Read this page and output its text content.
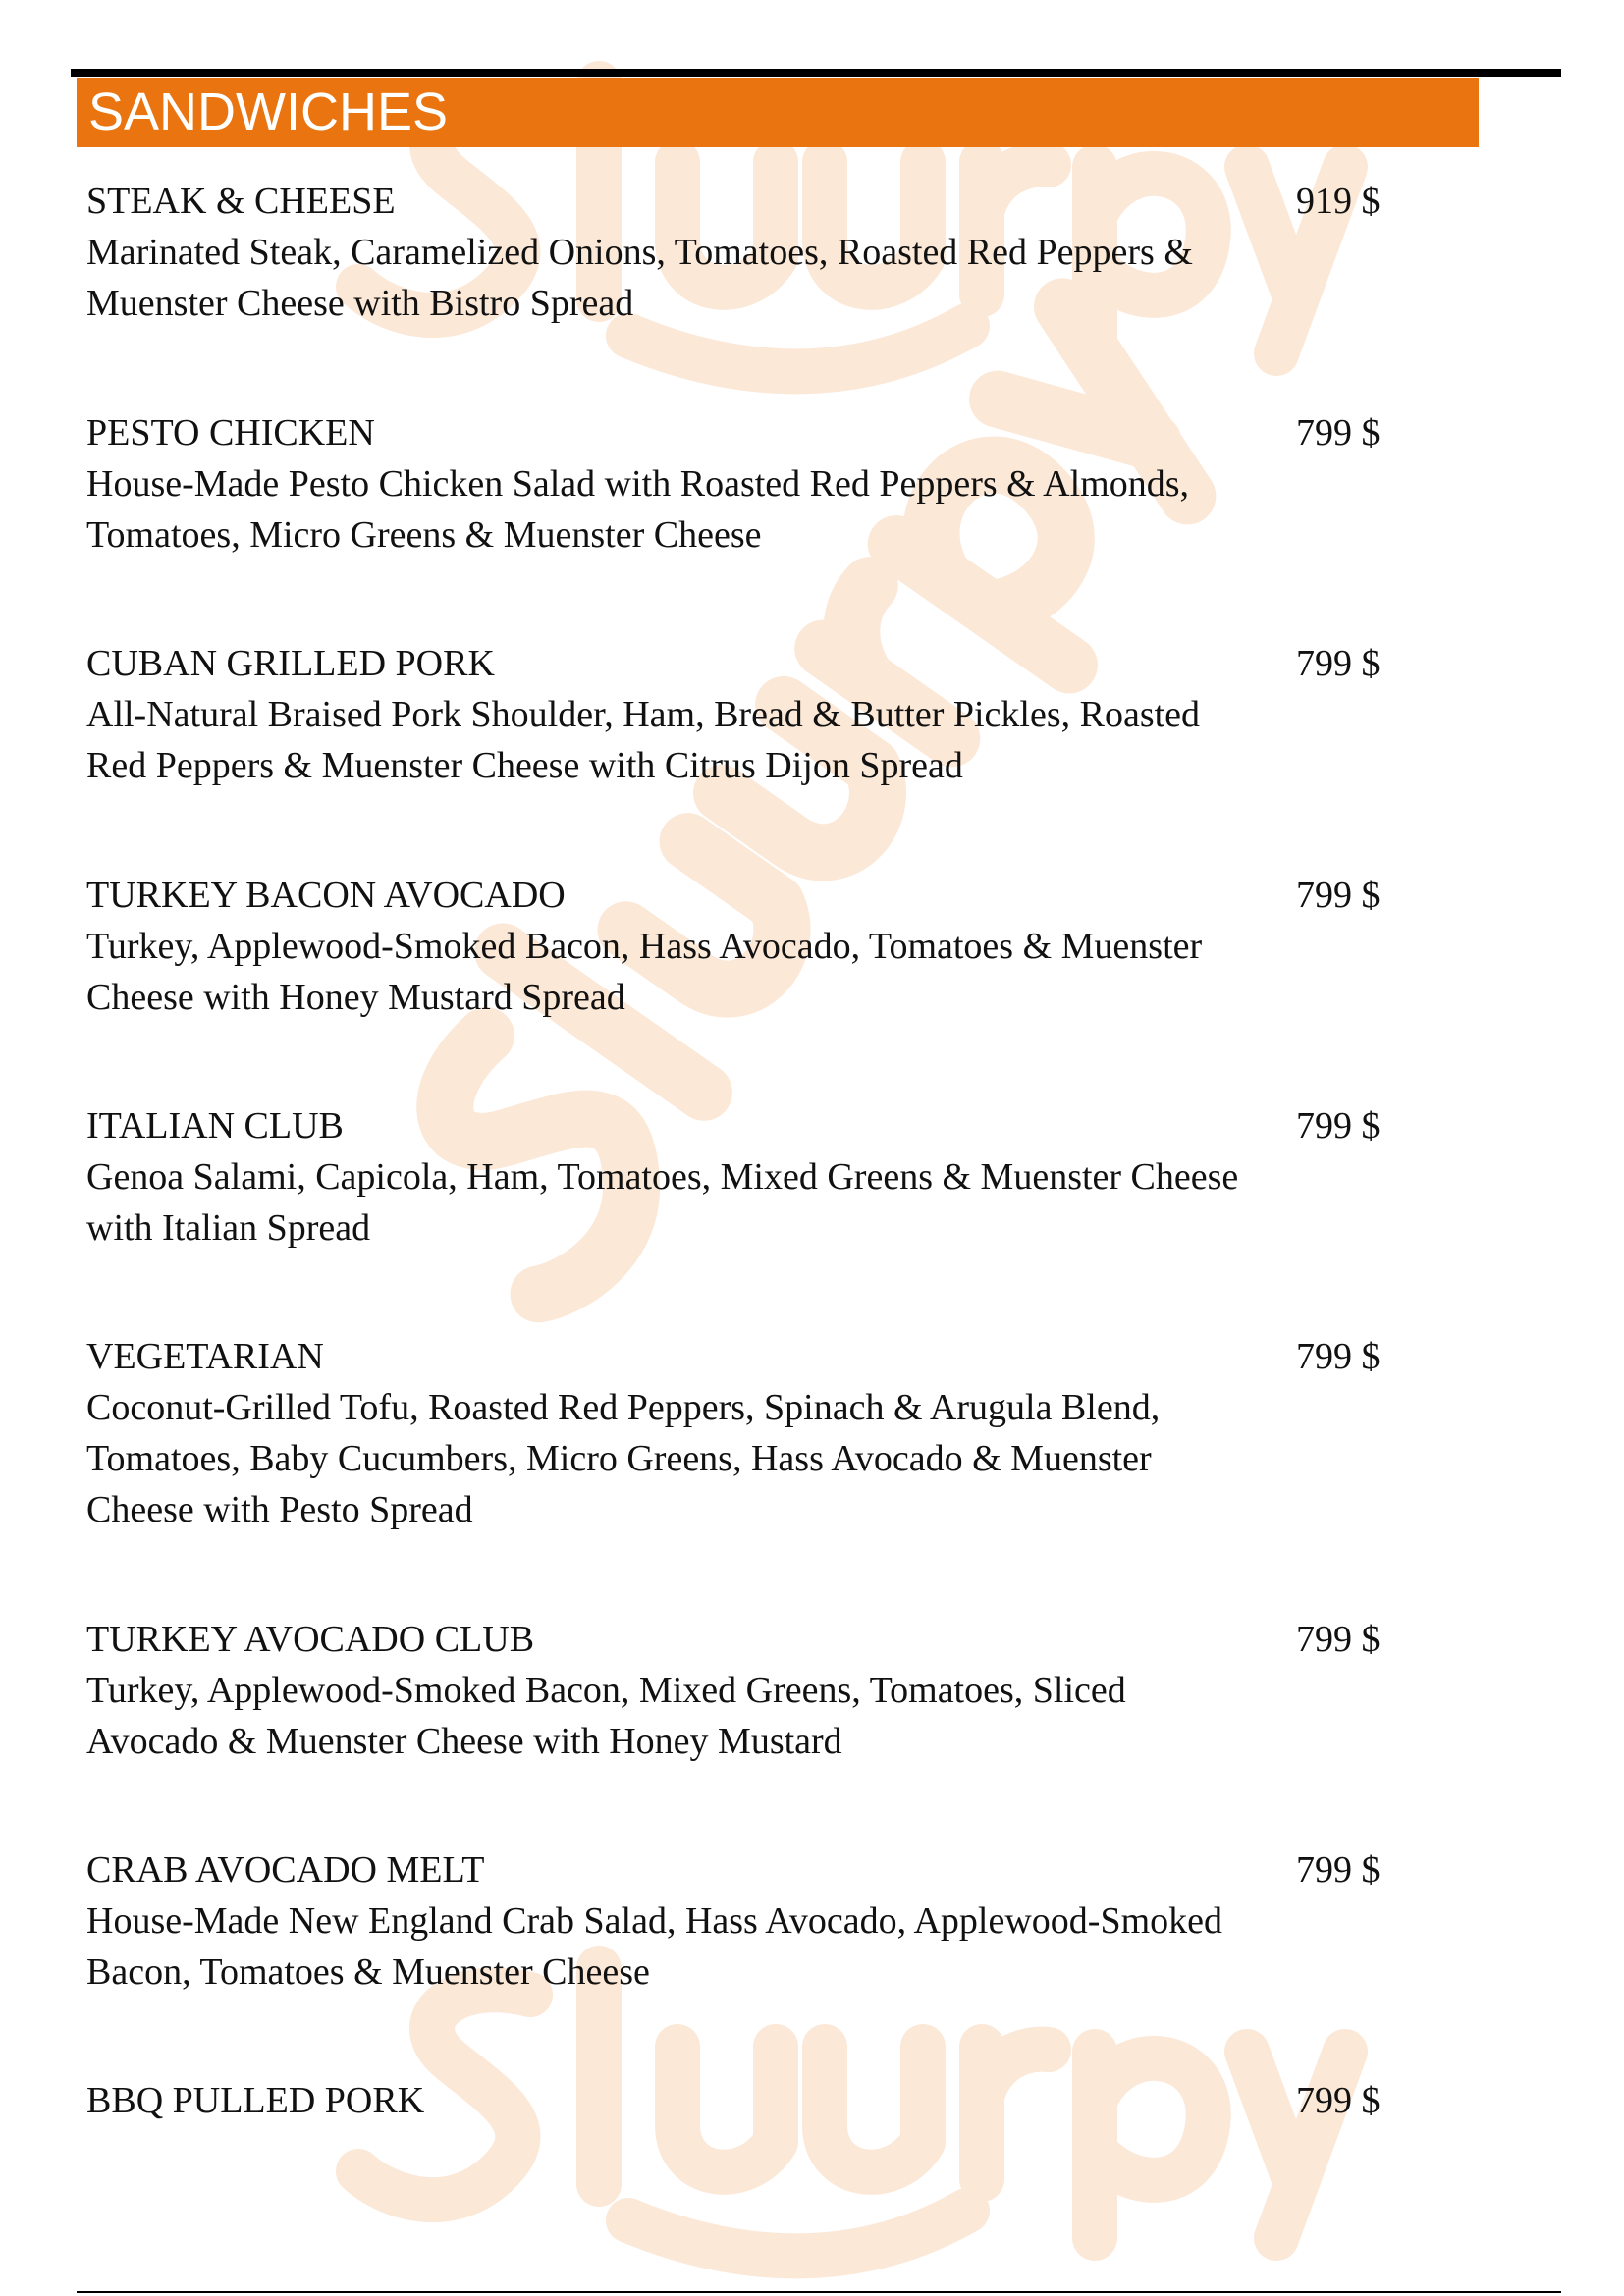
SANDWICHES
STEAK & CHEESE
Marinated Steak, Caramelized Onions, Tomatoes, Roasted Red Peppers & Muenster Cheese with Bistro Spread
919 $
PESTO CHICKEN
House-Made Pesto Chicken Salad with Roasted Red Peppers & Almonds, Tomatoes, Micro Greens & Muenster Cheese
799 $
CUBAN GRILLED PORK
All-Natural Braised Pork Shoulder, Ham, Bread & Butter Pickles, Roasted Red Peppers & Muenster Cheese with Citrus Dijon Spread
799 $
TURKEY BACON AVOCADO
Turkey, Applewood-Smoked Bacon, Hass Avocado, Tomatoes & Muenster Cheese with Honey Mustard Spread
799 $
ITALIAN CLUB
Genoa Salami, Capicola, Ham, Tomatoes, Mixed Greens & Muenster Cheese with Italian Spread
799 $
VEGETARIAN
Coconut-Grilled Tofu, Roasted Red Peppers, Spinach & Arugula Blend, Tomatoes, Baby Cucumbers, Micro Greens, Hass Avocado & Muenster Cheese with Pesto Spread
799 $
TURKEY AVOCADO CLUB
Turkey, Applewood-Smoked Bacon, Mixed Greens, Tomatoes, Sliced Avocado & Muenster Cheese with Honey Mustard
799 $
CRAB AVOCADO MELT
House-Made New England Crab Salad, Hass Avocado, Applewood-Smoked Bacon, Tomatoes & Muenster Cheese
799 $
BBQ PULLED PORK	799 $
